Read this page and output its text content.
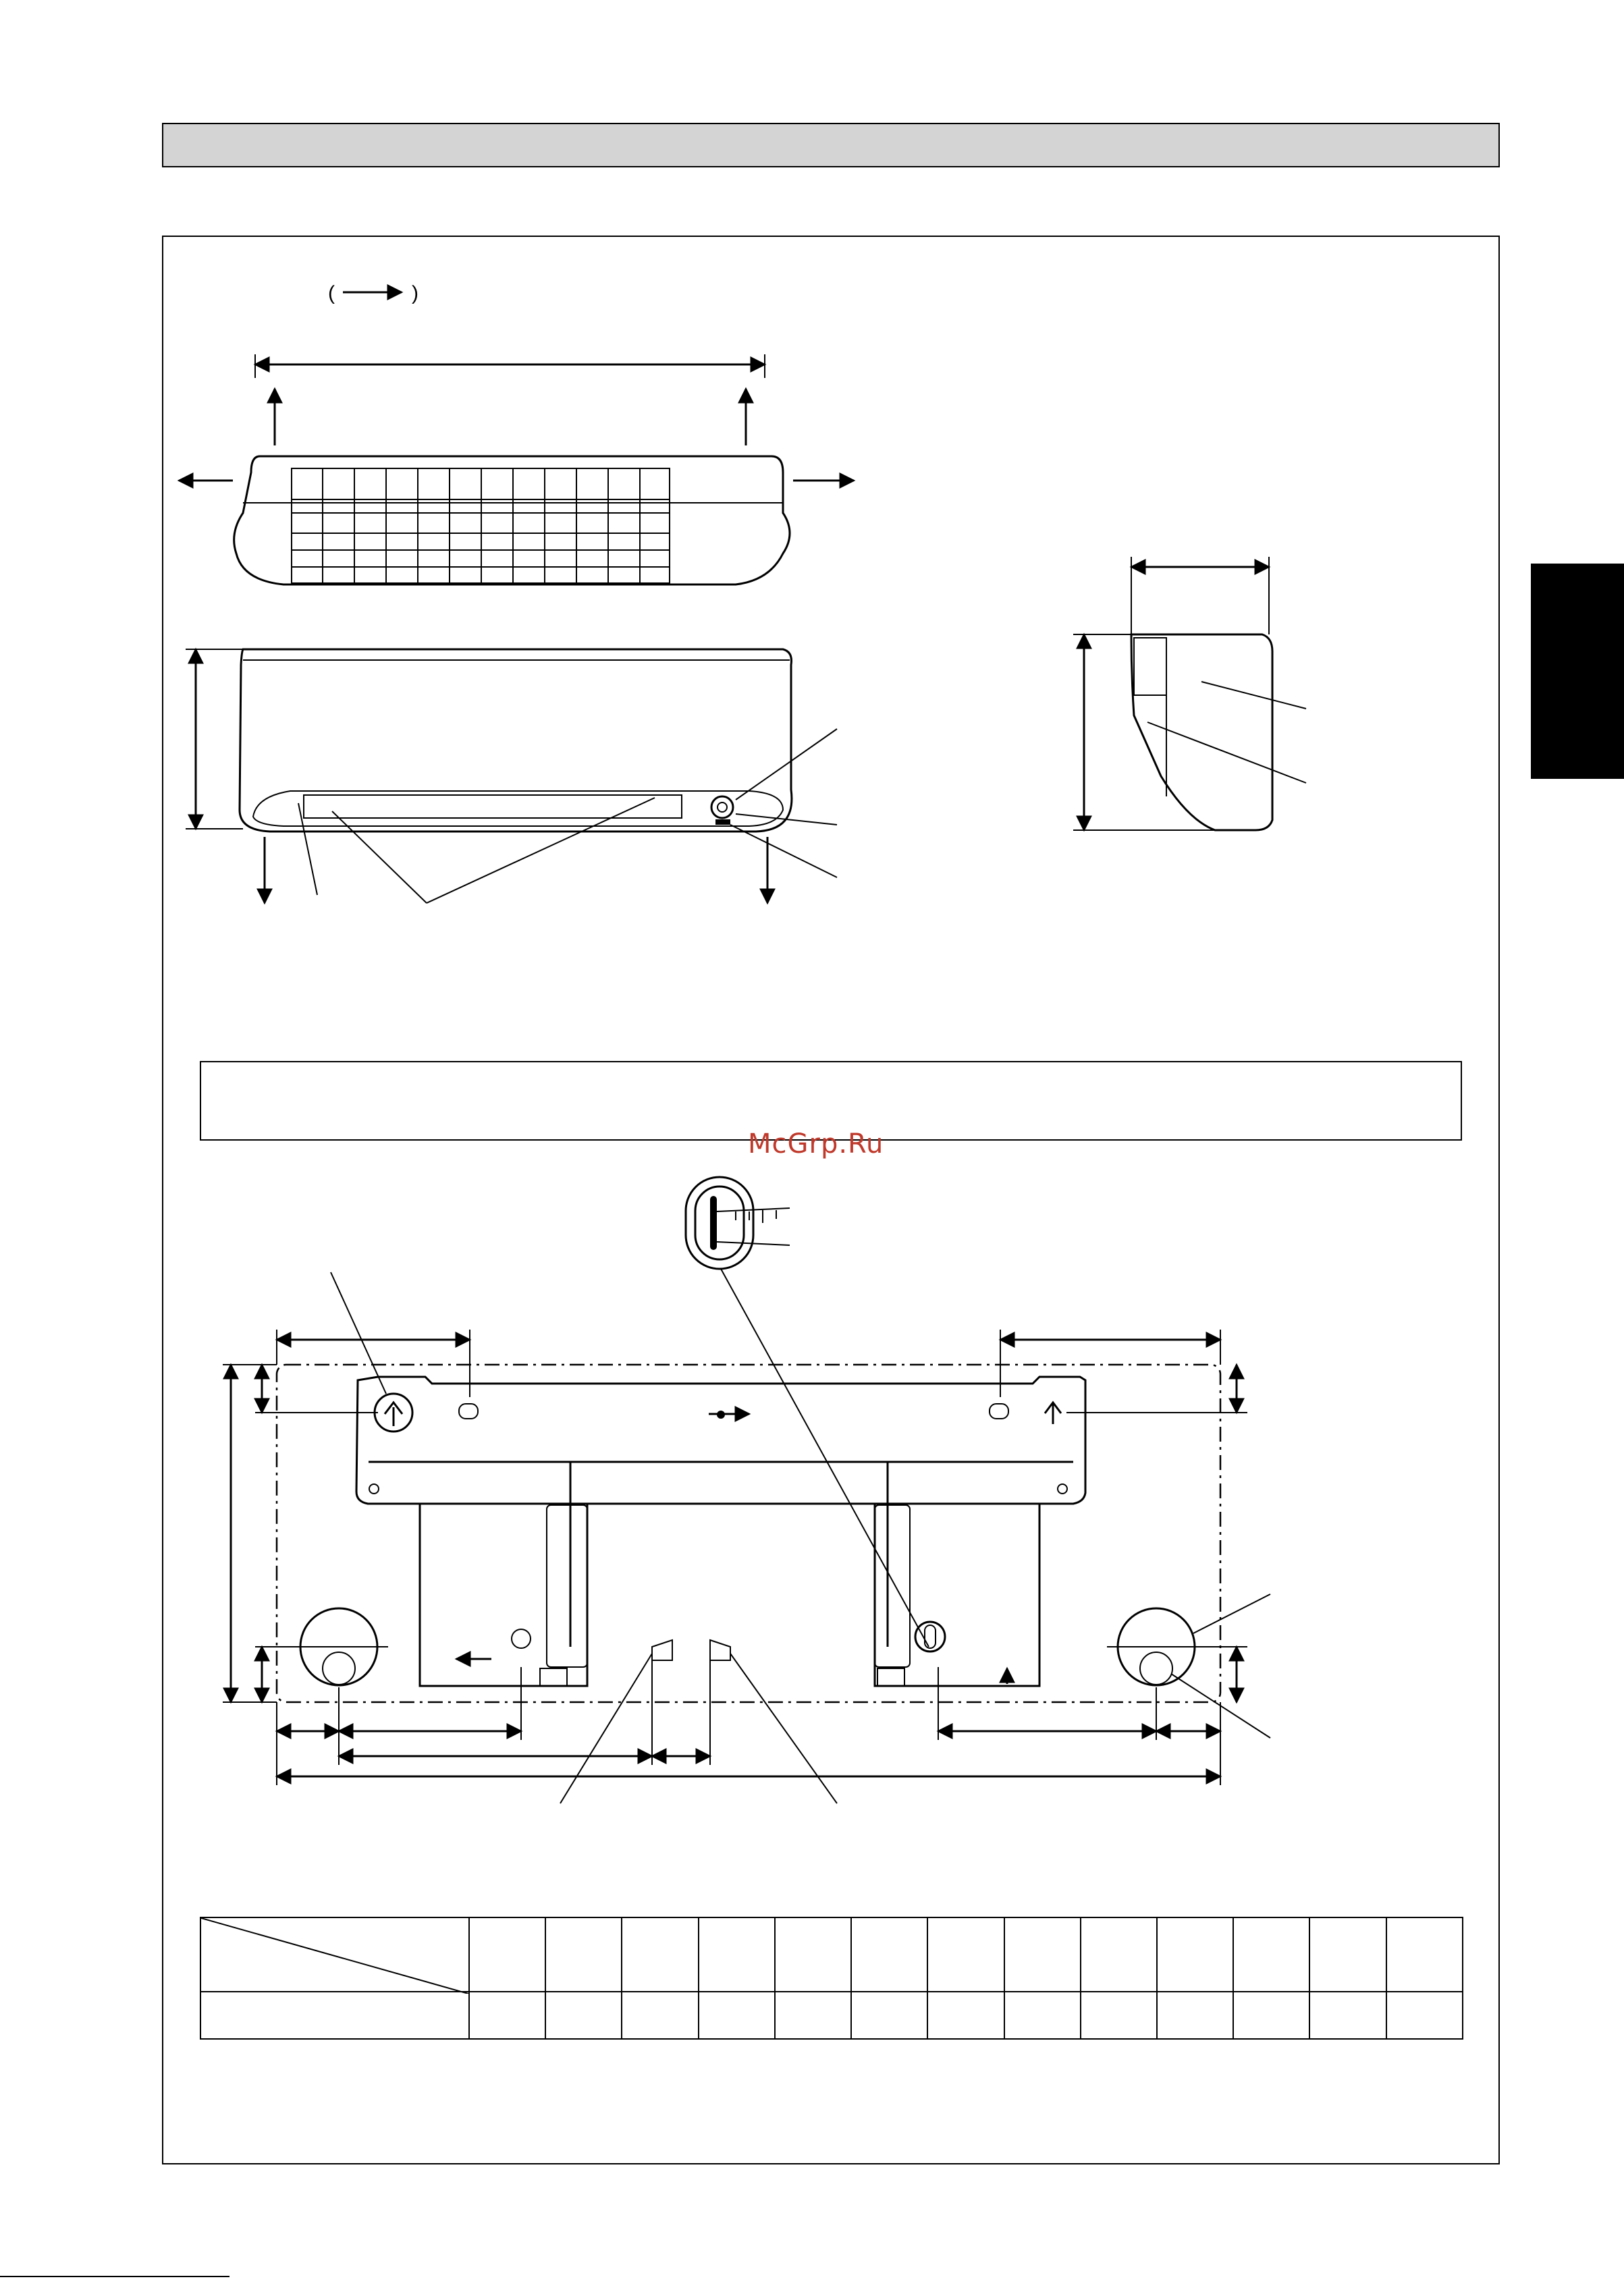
McGrp.Ru
(	)
